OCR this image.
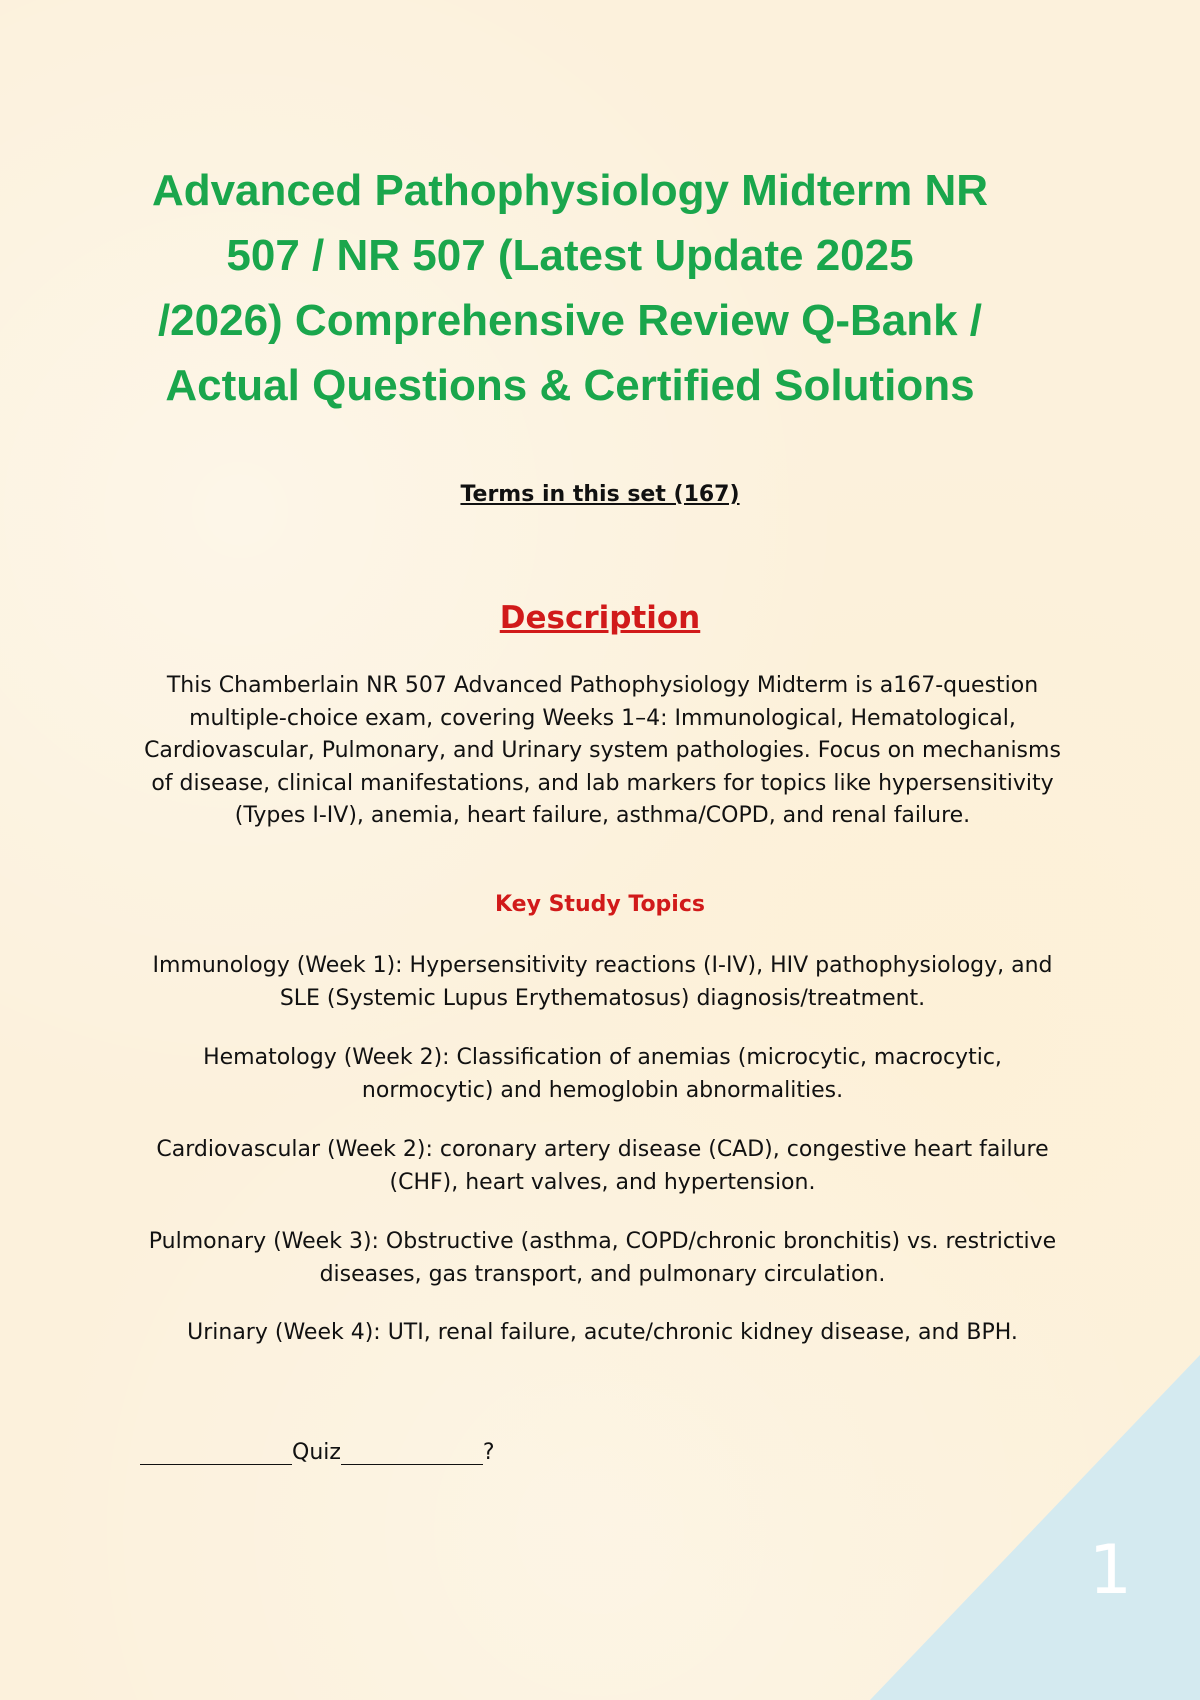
1
Advanced Pathophysiology Midterm NR
507 / NR 507 (Latest Update 2025
/2026) Comprehensive Review Q-Bank /
Actual Questions & Certified Solutions
Terms in this set (167)
Description

This Chamberlain NR 507 Advanced Pathophysiology Midterm is a167-question multiple-choice exam, covering Weeks 1–4: Immunological, Hematological, Cardiovascular, Pulmonary, and Urinary system pathologies. Focus on mechanisms of disease, clinical manifestations, and lab markers for topics like hypersensitivity (Types I-IV), anemia, heart failure, asthma/COPD, and renal failure.

Key Study Topics

Immunology (Week 1): Hypersensitivity reactions (I-IV), HIV pathophysiology, and SLE (Systemic Lupus Erythematosus) diagnosis/treatment.

Hematology (Week 2): Classification of anemias (microcytic, macrocytic, normocytic) and hemoglobin abnormalities.

Cardiovascular (Week 2): coronary artery disease (CAD), congestive heart failure (CHF), heart valves, and hypertension.

Pulmonary (Week 3): Obstructive (asthma, COPD/chronic bronchitis) vs. restrictive diseases, gas transport, and pulmonary circulation.

Urinary (Week 4): UTI, renal failure, acute/chronic kidney disease, and BPH.

Quiz	?
